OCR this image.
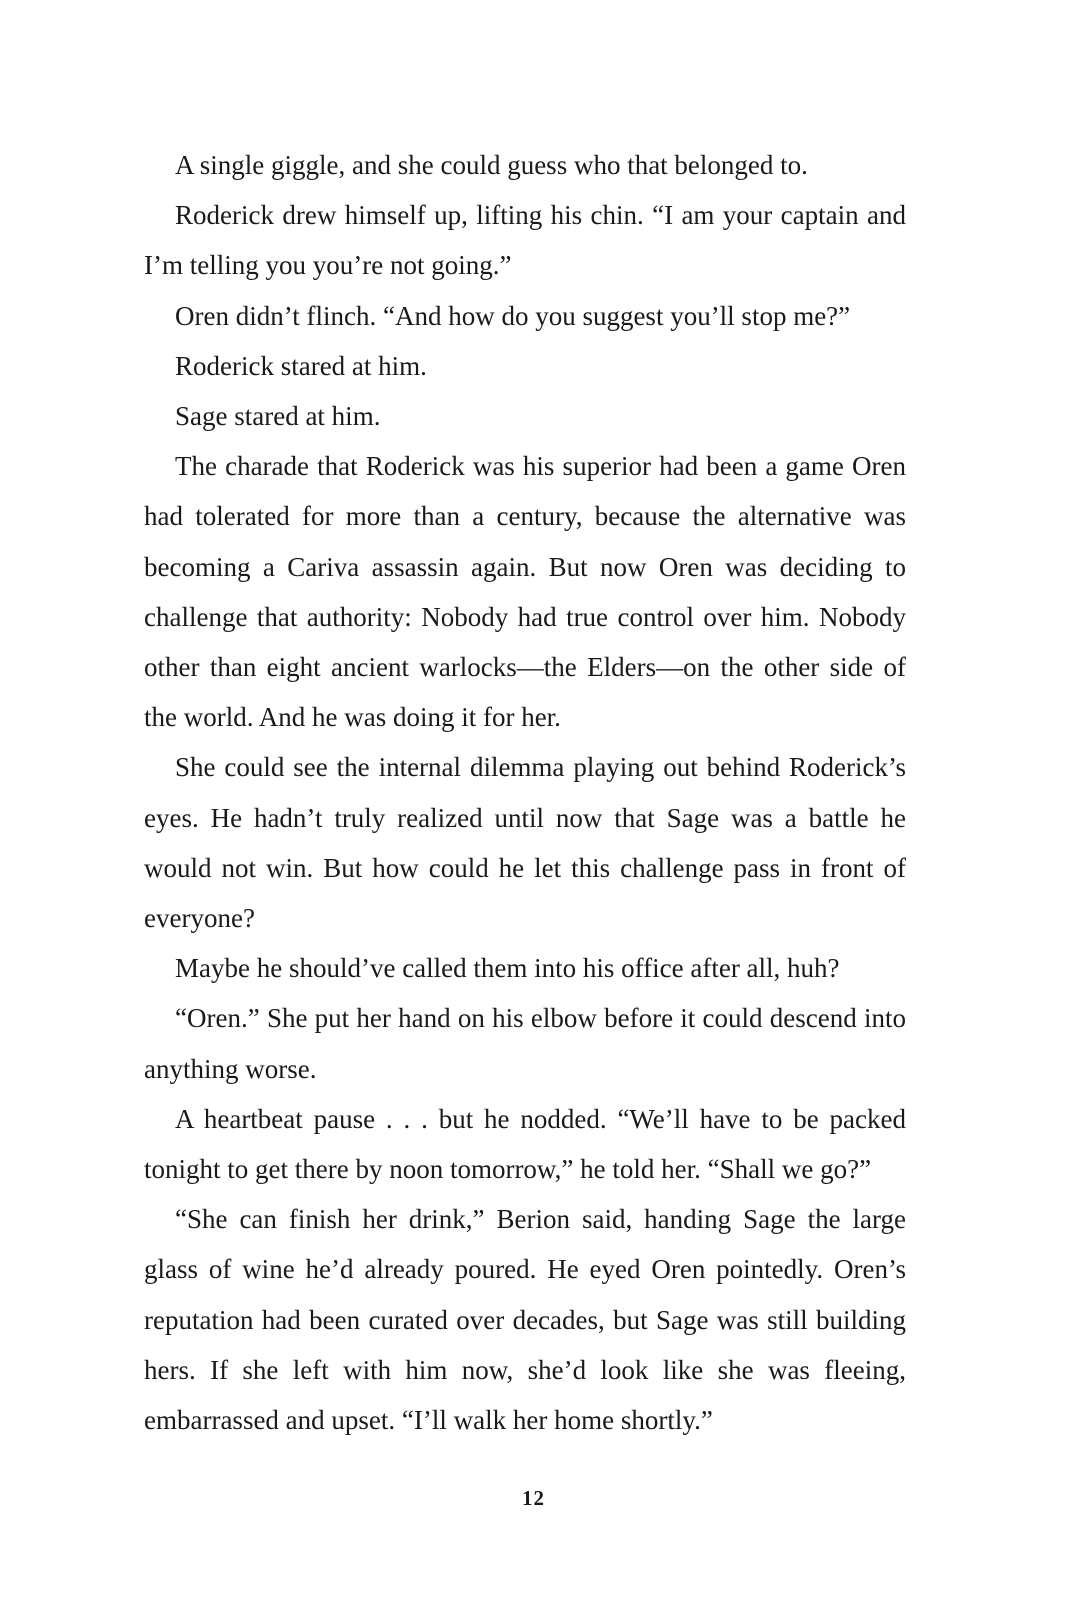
A single giggle, and she could guess who that belonged to.

Roderick drew himself up, lifting his chin. “I am your captain and I’m telling you you’re not going.”

Oren didn’t flinch. “And how do you suggest you’ll stop me?”

Roderick stared at him.

Sage stared at him.

The charade that Roderick was his superior had been a game Oren had tolerated for more than a century, because the alternative was becoming a Cariva assassin again. But now Oren was deciding to challenge that authority: Nobody had true control over him. Nobody other than eight ancient warlocks—the Elders—on the other side of the world. And he was doing it for her.

She could see the internal dilemma playing out behind Roderick’s eyes. He hadn’t truly realized until now that Sage was a battle he would not win. But how could he let this challenge pass in front of everyone?

Maybe he should’ve called them into his office after all, huh?

“Oren.” She put her hand on his elbow before it could descend into anything worse.

A heartbeat pause . . . but he nodded. “We’ll have to be packed tonight to get there by noon tomorrow,” he told her. “Shall we go?”

“She can finish her drink,” Berion said, handing Sage the large glass of wine he’d already poured. He eyed Oren pointedly. Oren’s reputation had been curated over decades, but Sage was still building hers. If she left with him now, she’d look like she was fleeing, embarrassed and upset. “I’ll walk her home shortly.”

12
